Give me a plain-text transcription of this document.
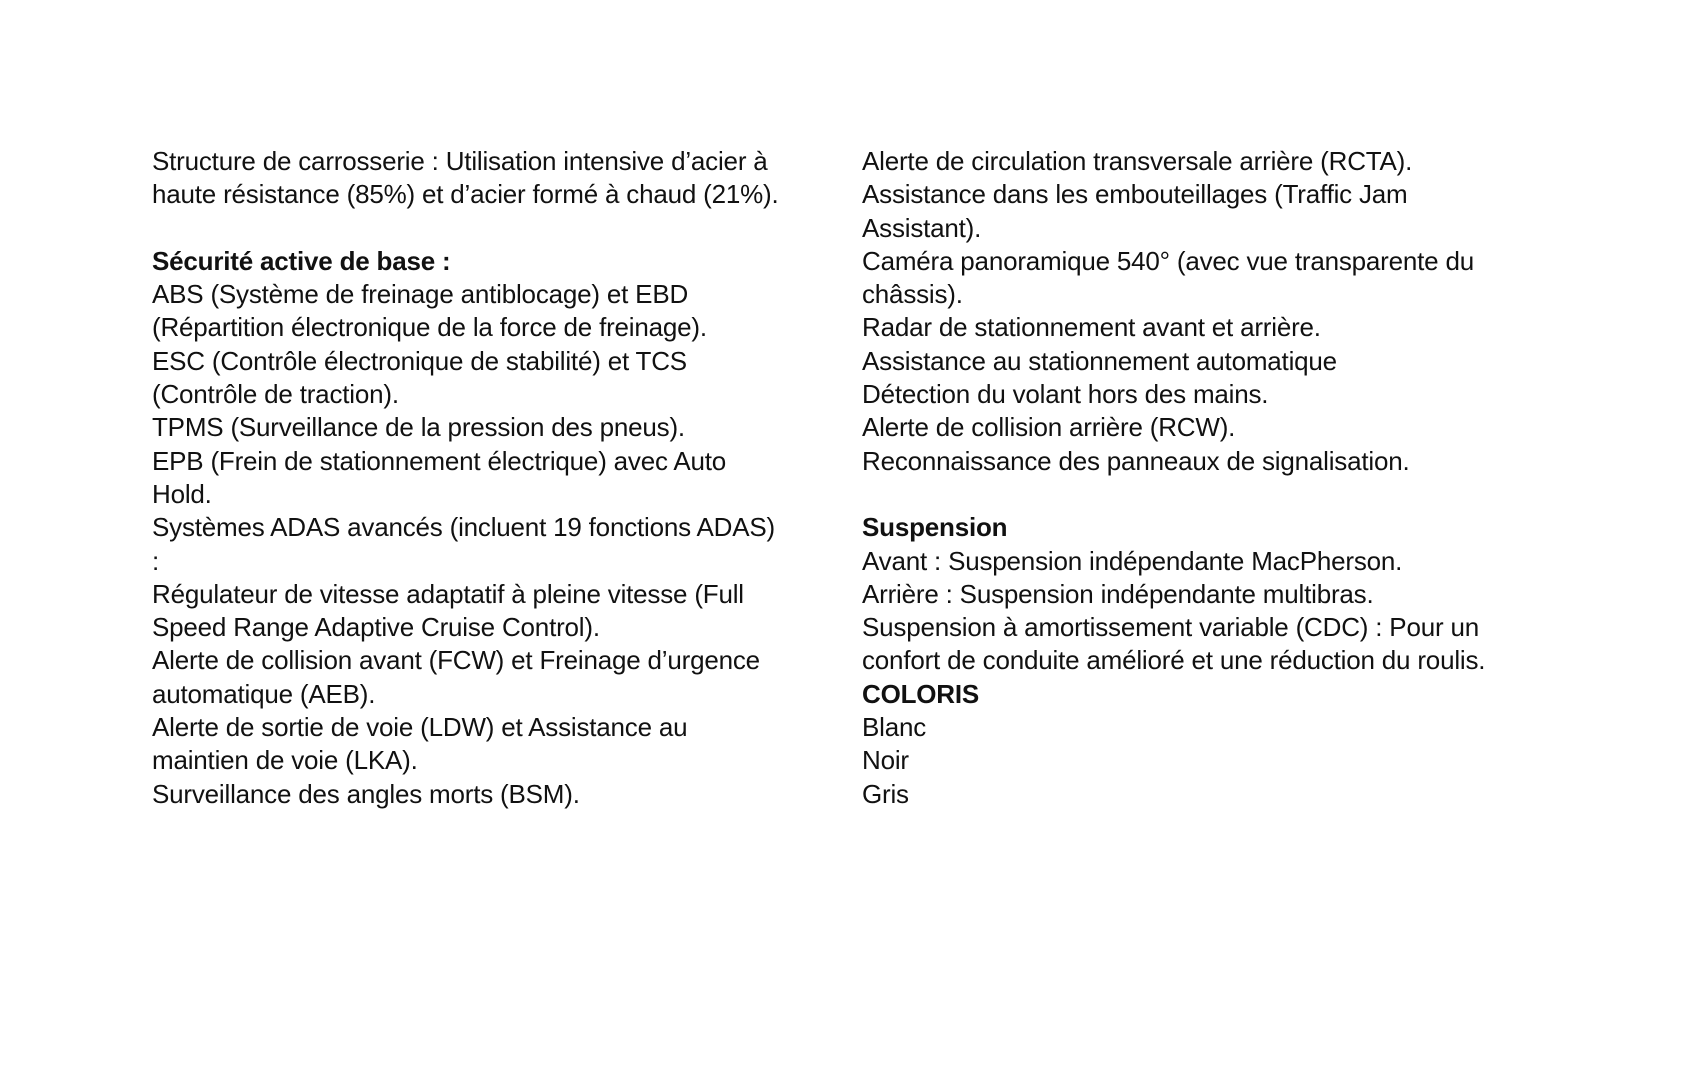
Structure de carrosserie : Utilisation intensive d’acier à
haute résistance (85%) et d’acier formé à chaud (21%).
Sécurité active de base :
ABS (Système de freinage antiblocage) et EBD
(Répartition électronique de la force de freinage).
ESC (Contrôle électronique de stabilité) et TCS
(Contrôle de traction).
TPMS (Surveillance de la pression des pneus).
EPB (Frein de stationnement électrique) avec Auto
Hold.
Systèmes ADAS avancés (incluent 19 fonctions ADAS)
:
Régulateur de vitesse adaptatif à pleine vitesse (Full
Speed Range Adaptive Cruise Control).
Alerte de collision avant (FCW) et Freinage d’urgence
automatique (AEB).
Alerte de sortie de voie (LDW) et Assistance au
maintien de voie (LKA).
Surveillance des angles morts (BSM).
Alerte de circulation transversale arrière (RCTA).
Assistance dans les embouteillages (Traffic Jam
Assistant).
Caméra panoramique 540° (avec vue transparente du
châssis).
Radar de stationnement avant et arrière.
Assistance au stationnement automatique
Détection du volant hors des mains.
Alerte de collision arrière (RCW).
Reconnaissance des panneaux de signalisation.
Suspension
Avant : Suspension indépendante MacPherson.
Arrière : Suspension indépendante multibras.
Suspension à amortissement variable (CDC) : Pour un
confort de conduite amélioré et une réduction du roulis.
COLORIS
Blanc
Noir
Gris
